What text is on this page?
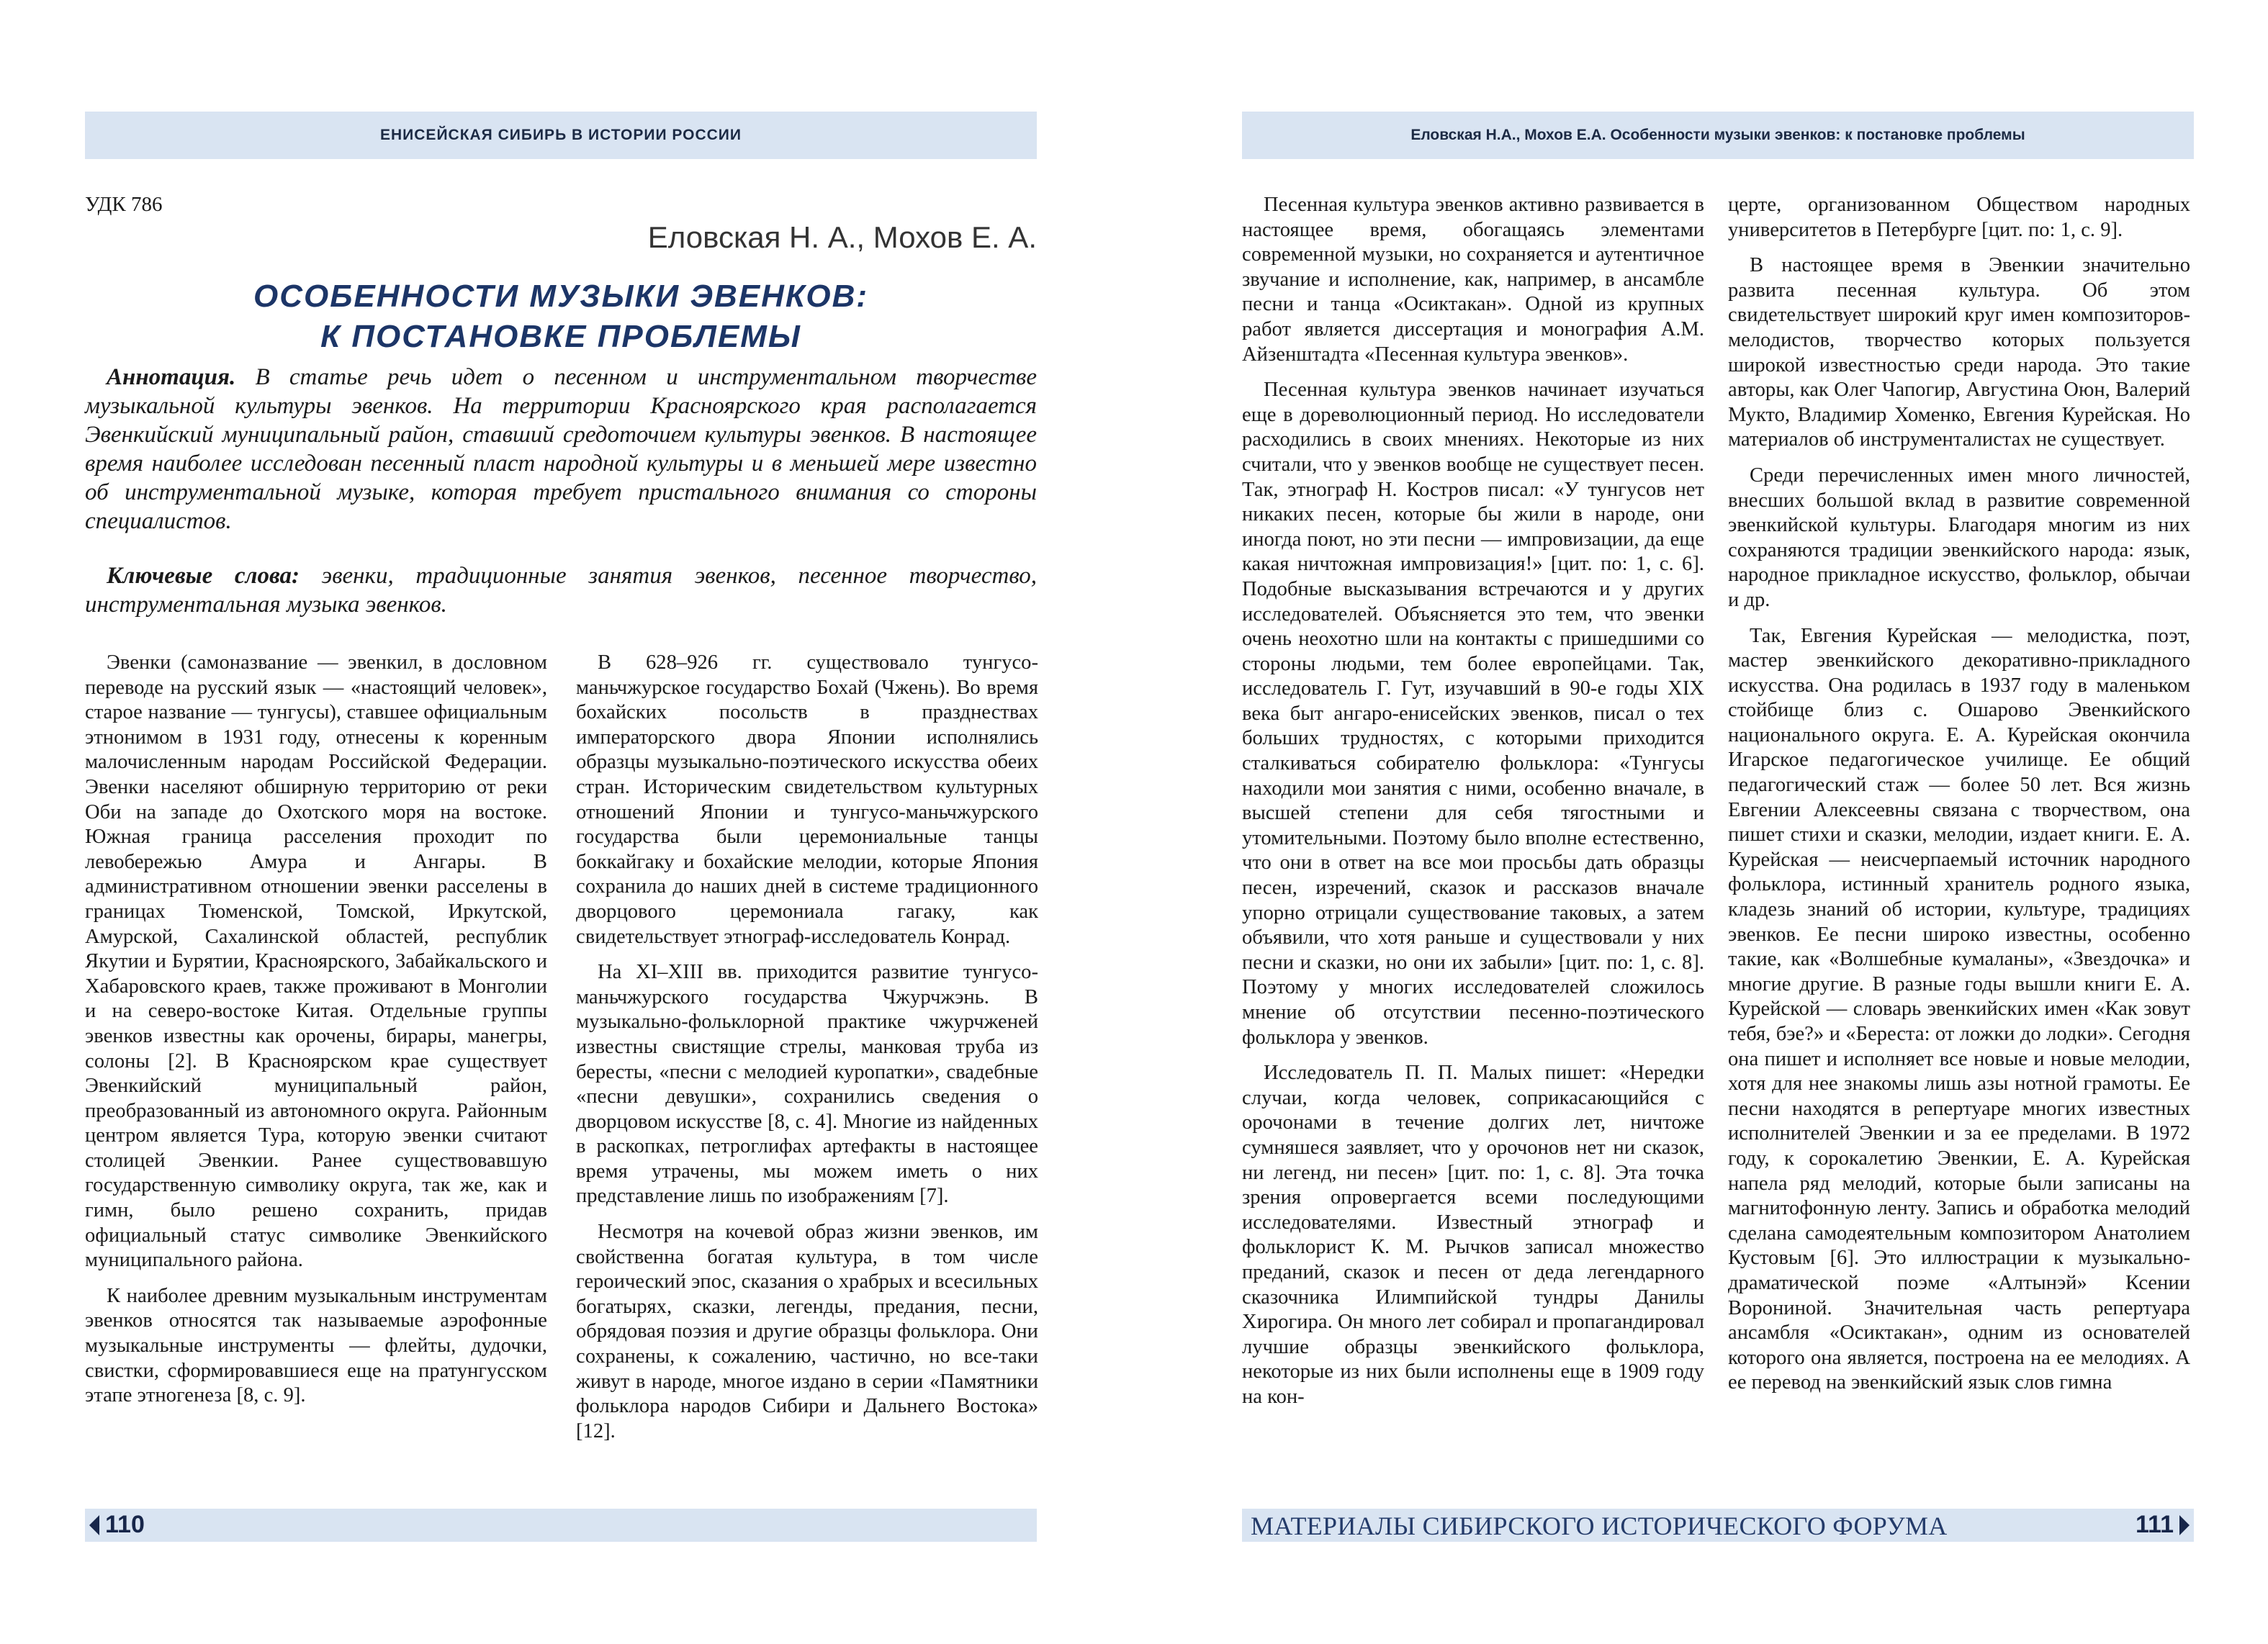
ЕНИСЕЙСКАЯ СИБИРЬ В ИСТОРИИ РОССИИ
УДК 786
Еловская Н. А., Мохов Е. А.
ОСОБЕННОСТИ МУЗЫКИ ЭВЕНКОВ:
К ПОСТАНОВКЕ ПРОБЛЕМЫ

Аннотация. В статье речь идет о песенном и инструментальном творчестве музыкальной культуры эвенков. На территории Красноярского края располагается Эвенкийский муниципальный район, ставший средоточием культуры эвенков. В настоящее время наиболее исследован песенный пласт народной культуры и в меньшей мере известно об инструментальной музыке, которая требует пристального внимания со стороны специалистов.

Ключевые слова: эвенки, традиционные занятия эвенков, песенное творчество, инструментальная музыка эвенков.

Эвенки (самоназвание — эвенкил, в дословном переводе на русский язык — «настоящий человек», старое название — тунгусы), ставшее официальным этнонимом в 1931 году, отнесены к коренным малочисленным народам Российской Федерации. Эвенки населяют обширную территорию от реки Оби на западе до Охотского моря на востоке. Южная граница расселения проходит по левобережью Амура и Ангары. В административном отношении эвенки расселены в границах Тюменской, Томской, Иркутской, Амурской, Сахалинской областей, республик Якутии и Бурятии, Красноярского, Забайкальского и Хабаровского краев, также проживают в Монголии и на северо-востоке Китая. Отдельные группы эвенков известны как орочены, бирары, манегры, солоны [2]. В Красноярском крае существует Эвенкийский муниципальный район, преобразованный из автономного округа. Районным центром является Тура, которую эвенки считают столицей Эвенкии. Ранее существовавшую государственную символику округа, так же, как и гимн, было решено сохранить, придав официальный статус символике Эвенкийского муниципального района.

К наиболее древним музыкальным инструментам эвенков относятся так называемые аэрофонные музыкальные инструменты — флейты, дудочки, свистки, сформировавшиеся еще на пратунгусском этапе этногенеза [8, с. 9].

В 628–926 гг. существовало тунгусо-маньчжурское государство Бохай (Чжень). Во время бохайских посольств в празднествах императорского двора Японии исполнялись образцы музыкально-поэтического искусства обеих стран. Историческим свидетельством культурных отношений Японии и тунгусо-маньчжурского государства были церемониальные танцы боккайгаку и бохайские мелодии, которые Япония сохранила до наших дней в системе традиционного дворцового церемониала гагаку, как свидетельствует этнограф-исследователь Конрад.

На XI–XIII вв. приходится развитие тунгусо-маньчжурского государства Чжурчжэнь. В музыкально-фольклорной практике чжурчженей известны свистящие стрелы, манковая труба из бересты, «песни с мелодией куропатки», свадебные «песни девушки», сохранились сведения о дворцовом искусстве [8, с. 4]. Многие из найденных в раскопках, петроглифах артефакты в настоящее время утрачены, мы можем иметь о них представление лишь по изображениям [7].

Несмотря на кочевой образ жизни эвенков, им свойственна богатая культура, в том числе героический эпос, сказания о храбрых и всесильных богатырях, сказки, легенды, предания, песни, обрядовая поэзия и другие образцы фольклора. Они сохранены, к сожалению, частично, но все-таки живут в народе, многое издано в серии «Памятники фольклора народов Сибири и Дальнего Востока» [12].

110
Еловская Н.А., Мохов Е.А. Особенности музыки эвенков: к постановке проблемы

Песенная культура эвенков активно развивается в настоящее время, обогащаясь элементами современной музыки, но сохраняется и аутентичное звучание и исполнение, как, например, в ансамбле песни и танца «Осиктакан». Одной из крупных работ является диссертация и монография А.М. Айзенштадта «Песенная культура эвенков».

Песенная культура эвенков начинает изучаться еще в дореволюционный период. Но исследователи расходились в своих мнениях. Некоторые из них считали, что у эвенков вообще не существует песен. Так, этнограф Н. Костров писал: «У тунгусов нет никаких песен, которые бы жили в народе, они иногда поют, но эти песни — импровизации, да еще какая ничтожная импровизация!» [цит. по: 1, с. 6]. Подобные высказывания встречаются и у других исследователей. Объясняется это тем, что эвенки очень неохотно шли на контакты с пришедшими со стороны людьми, тем более европейцами. Так, исследователь Г. Гут, изучавший в 90-е годы XIX века быт ангаро-енисейских эвенков, писал о тех больших трудностях, с которыми приходится сталкиваться собирателю фольклора: «Тунгусы находили мои занятия с ними, особенно вначале, в высшей степени для себя тягостными и утомительными. Поэтому было вполне естественно, что они в ответ на все мои просьбы дать образцы песен, изречений, сказок и рассказов вначале упорно отрицали существование таковых, а затем объявили, что хотя раньше и существовали у них песни и сказки, но они их забыли» [цит. по: 1, с. 8]. Поэтому у многих исследователей сложилось мнение об отсутствии песенно-поэтического фольклора у эвенков.

Исследователь П. П. Малых пишет: «Нередки случаи, когда человек, соприкасающийся с орочонами в течение долгих лет, ничтоже сумняшеся заявляет, что у орочонов нет ни сказок, ни легенд, ни песен» [цит. по: 1, с. 8]. Эта точка зрения опровергается всеми последующими исследователями. Известный этнограф и фольклорист К. М. Рычков записал множество преданий, сказок и песен от деда легендарного сказочника Илимпийской тундры Данилы Хирогира. Он много лет собирал и пропагандировал лучшие образцы эвенкийского фольклора, некоторые из них были исполнены еще в 1909 году на кон-

церте, организованном Обществом народных университетов в Петербурге [цит. по: 1, с. 9].

В настоящее время в Эвенкии значительно развита песенная культура. Об этом свидетельствует широкий круг имен композиторов-мелодистов, творчество которых пользуется широкой известностью среди народа. Это такие авторы, как Олег Чапогир, Августина Оюн, Валерий Мукто, Владимир Хоменко, Евгения Курейская. Но материалов об инструменталистах не существует.

Среди перечисленных имен много личностей, внесших большой вклад в развитие современной эвенкийской культуры. Благодаря многим из них сохраняются традиции эвенкийского народа: язык, народное прикладное искусство, фольклор, обычаи и др.

Так, Евгения Курейская — мелодистка, поэт, мастер эвенкийского декоративно-прикладного искусства. Она родилась в 1937 году в маленьком стойбище близ с. Ошарово Эвенкийского национального округа. Е. А. Курейская окончила Игарское педагогическое училище. Ее общий педагогический стаж — более 50 лет. Вся жизнь Евгении Алексеевны связана с творчеством, она пишет стихи и сказки, мелодии, издает книги. Е. А. Курейская — неисчерпаемый источник народного фольклора, истинный хранитель родного языка, кладезь знаний об истории, культуре, традициях эвенков. Ее песни широко известны, особенно такие, как «Волшебные кумаланы», «Звездочка» и многие другие. В разные годы вышли книги Е. А. Курейской — словарь эвенкийских имен «Как зовут тебя, бэе?» и «Береста: от ложки до лодки». Сегодня она пишет и исполняет все новые и новые мелодии, хотя для нее знакомы лишь азы нотной грамоты. Ее песни находятся в репертуаре многих известных исполнителей Эвенкии и за ее пределами. В 1972 году, к сорокалетию Эвенкии, Е. А. Курейская напела ряд мелодий, которые были записаны на магнитофонную ленту. Запись и обработка мелодий сделана самодеятельным композитором Анатолием Кустовым [6]. Это иллюстрации к музыкально-драматической поэме «Алтынэй» Ксении Ворониной. Значительная часть репертуара ансамбля «Осиктакан», одним из основателей которого она является, построена на ее мелодиях. А ее перевод на эвенкийский язык слов гимна

МАТЕРИАЛЫ СИБИРСКОГО ИСТОРИЧЕСКОГО ФОРУМА	111
